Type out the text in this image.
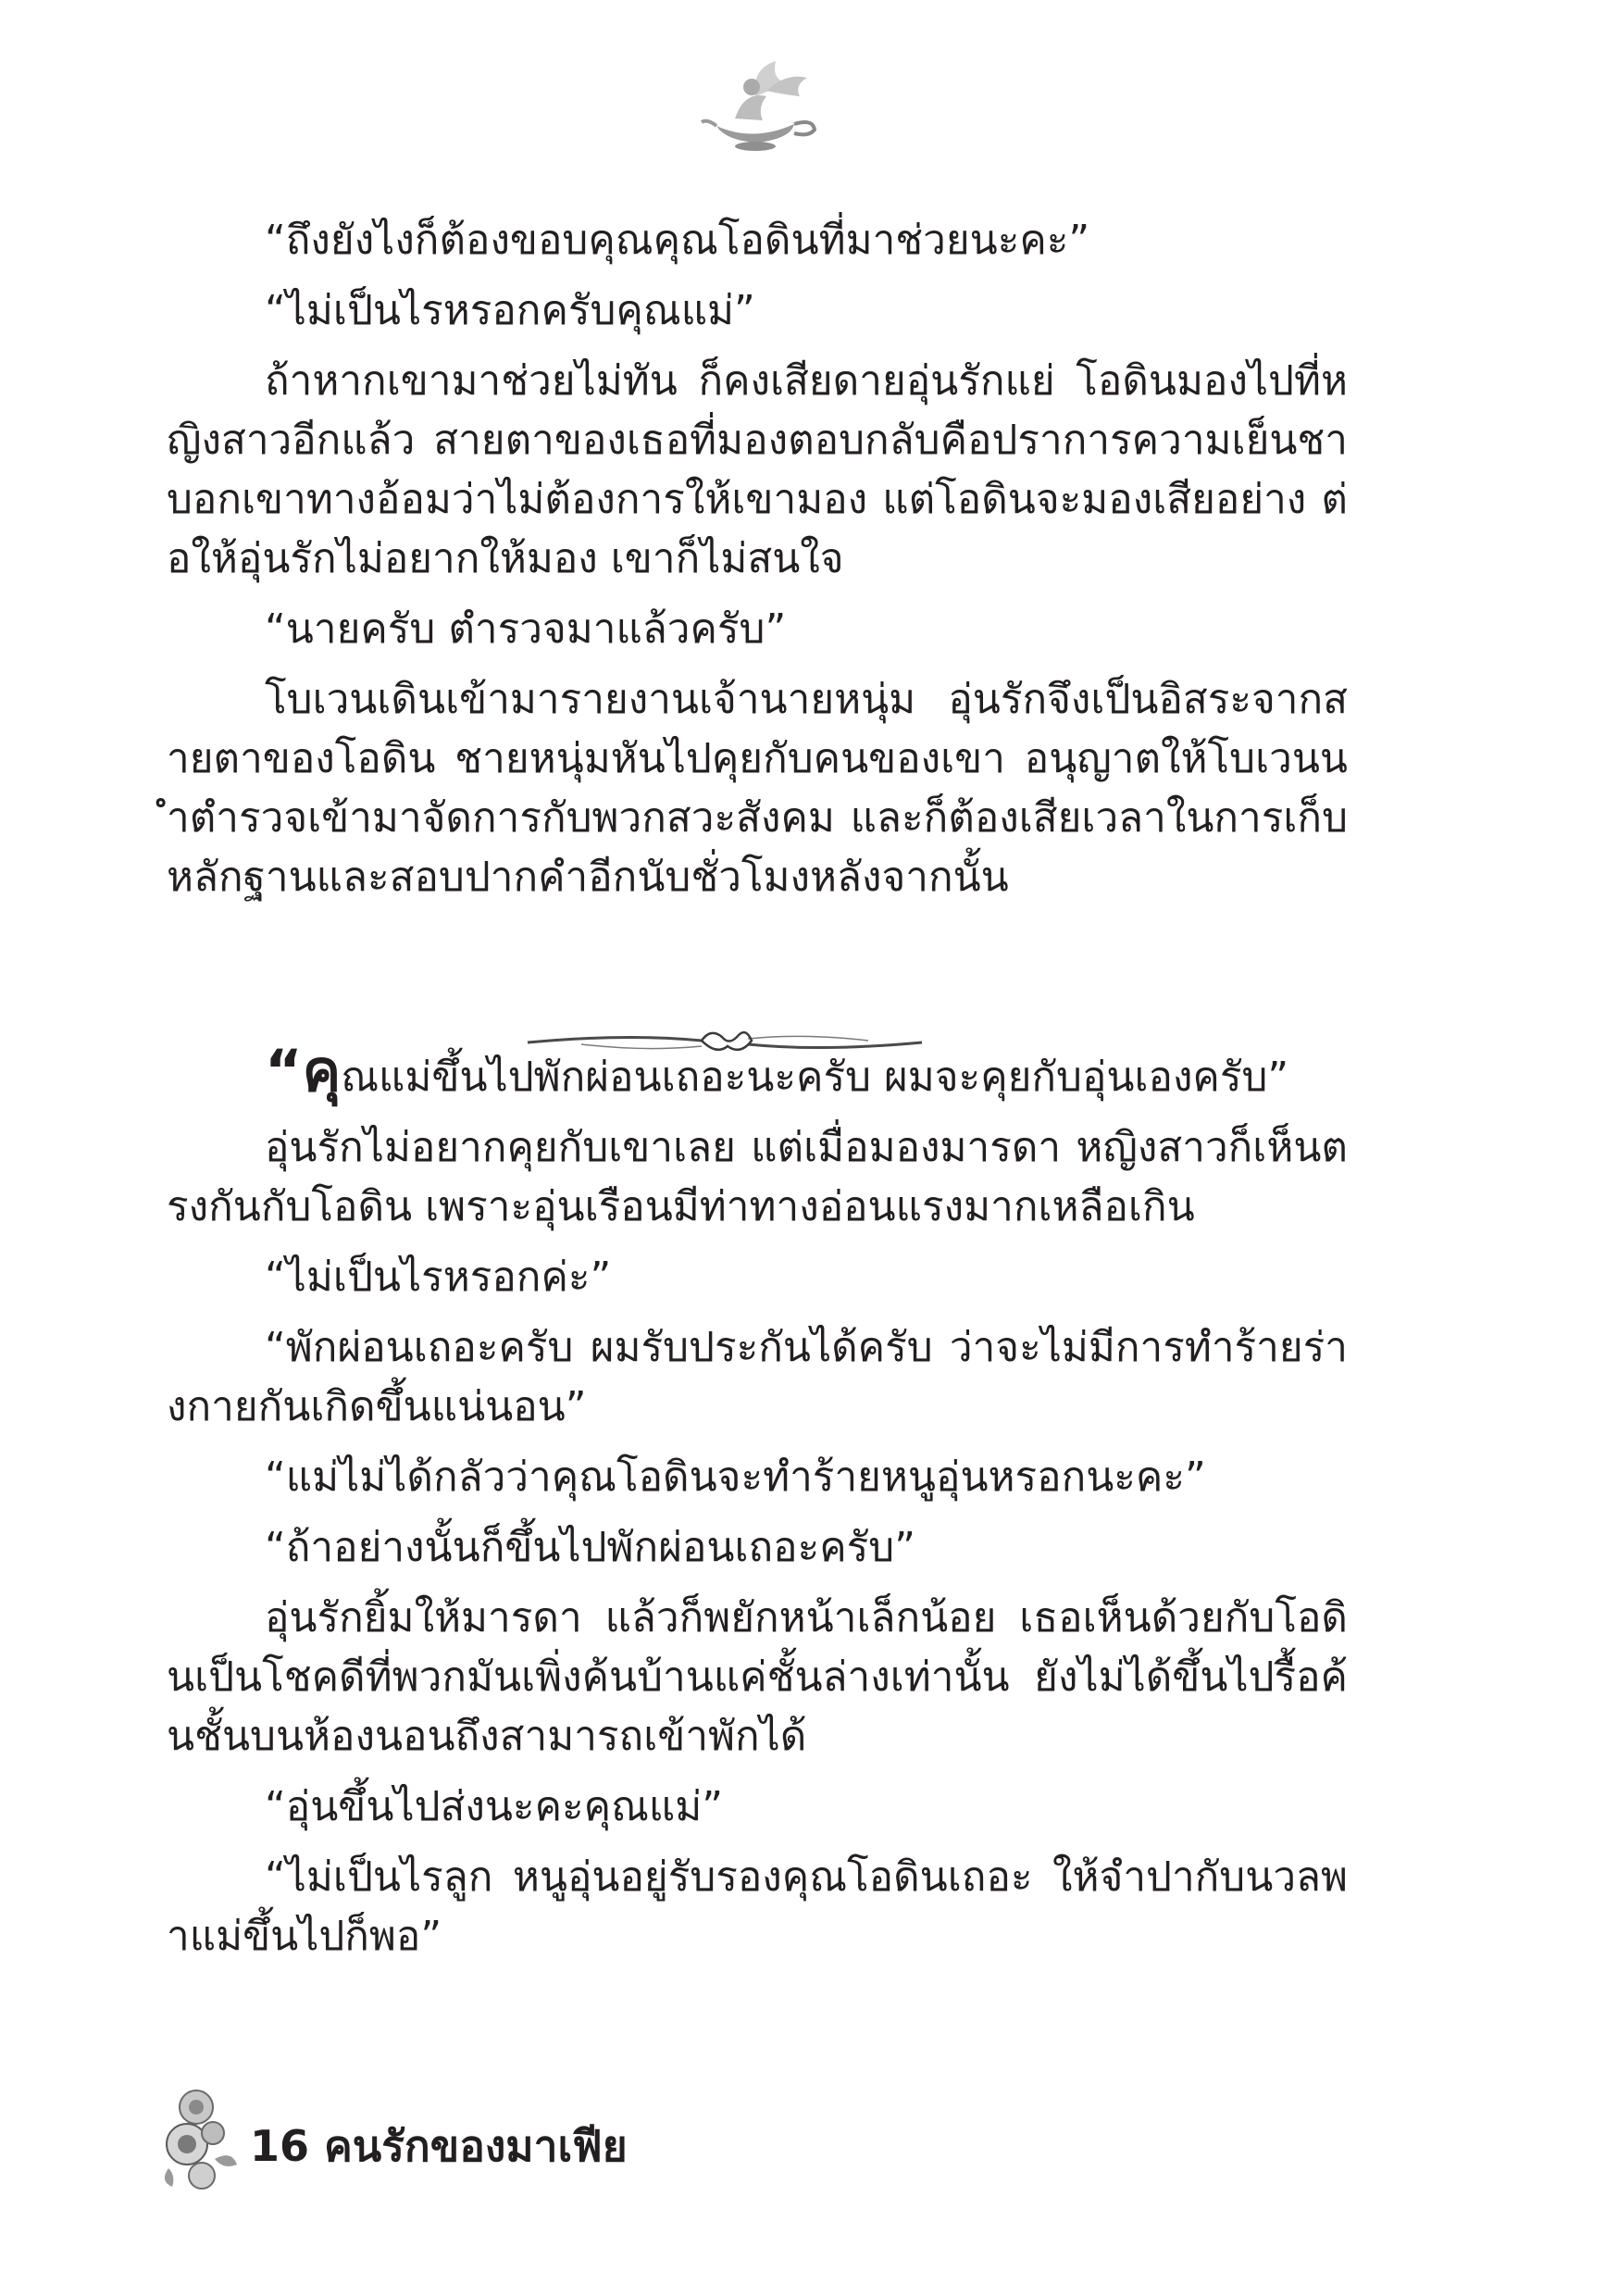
“ถึงยังไงก็ต้องขอบคุณคุณโอดินที่มาช่วยนะคะ”

“ไม่เป็นไรหรอกครับคุณแม่”

ถ้าหากเขามาช่วยไม่ทัน ก็คงเสียดายอุ่นรักแย่ โอดินมองไปที่หญิงสาวอีกแล้ว สายตาของเธอที่มองตอบกลับคือปราการความเย็นชา บอกเขาทางอ้อมว่าไม่ต้องการให้เขามอง แต่โอดินจะมองเสียอย่าง ต่อให้อุ่นรักไม่อยากให้มอง เขาก็ไม่สนใจ

“นายครับ ตำรวจมาแล้วครับ”

โบเวนเดินเข้ามารายงานเจ้านายหนุ่ม อุ่นรักจึงเป็นอิสระจากสายตาของโอดิน ชายหนุ่มหันไปคุยกับคนของเขา อนุญาตให้โบเวนนำตำรวจเข้ามาจัดการกับพวกสวะสังคม และก็ต้องเสียเวลาในการเก็บหลักฐานและสอบปากคำอีกนับชั่วโมงหลังจากนั้น

“คุณแม่ขึ้นไปพักผ่อนเถอะนะครับ ผมจะคุยกับอุ่นเองครับ”

อุ่นรักไม่อยากคุยกับเขาเลย แต่เมื่อมองมารดา หญิงสาวก็เห็นตรงกันกับโอดิน เพราะอุ่นเรือนมีท่าทางอ่อนแรงมากเหลือเกิน

“ไม่เป็นไรหรอกค่ะ”

“พักผ่อนเถอะครับ ผมรับประกันได้ครับ ว่าจะไม่มีการทำร้ายร่างกายกันเกิดขึ้นแน่นอน”

“แม่ไม่ได้กลัวว่าคุณโอดินจะทำร้ายหนูอุ่นหรอกนะคะ”

“ถ้าอย่างนั้นก็ขึ้นไปพักผ่อนเถอะครับ”

อุ่นรักยิ้มให้มารดา แล้วก็พยักหน้าเล็กน้อย เธอเห็นด้วยกับโอดินเป็นโชคดีที่พวกมันเพิ่งค้นบ้านแค่ชั้นล่างเท่านั้น ยังไม่ได้ขึ้นไปรื้อค้นชั้นบนห้องนอนถึงสามารถเข้าพักได้

“อุ่นขึ้นไปส่งนะคะคุณแม่”

“ไม่เป็นไรลูก หนูอุ่นอยู่รับรองคุณโอดินเถอะ ให้จำปากับนวลพาแม่ขึ้นไปก็พอ”

16 คนรักของมาเฟีย
